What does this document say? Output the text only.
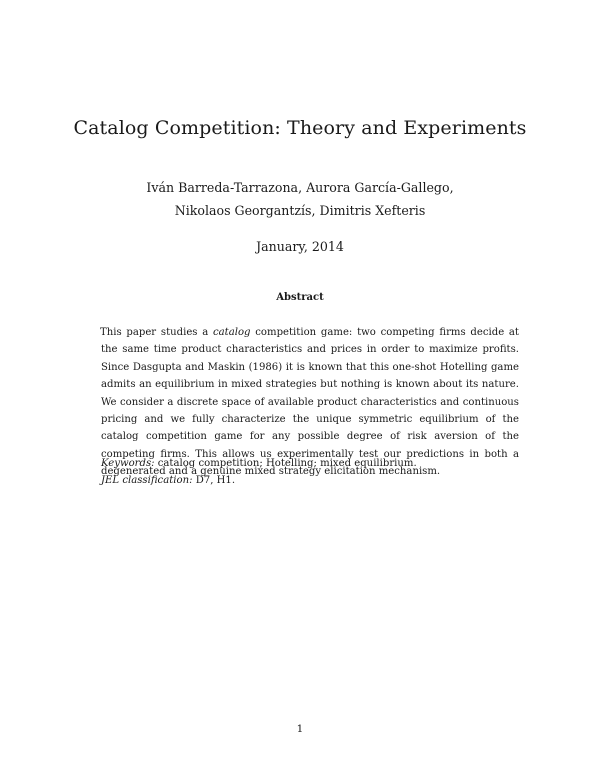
Catalog Competition: Theory and Experiments
Iván Barreda-Tarrazona, Aurora García-Gallego,
Nikolaos Georgantzís, Dimitris Xefteris
January, 2014
Abstract

This paper studies a catalog competition game: two competing firms decide at the same time product characteristics and prices in order to maximize profits. Since Dasgupta and Maskin (1986) it is known that this one-shot Hotelling game admits an equilibrium in mixed strategies but nothing is known about its nature. We consider a discrete space of available product characteristics and continuous pricing and we fully characterize the unique symmetric equilibrium of the catalog competition game for any possible degree of risk aversion of the competing firms. This allows us experimentally test our predictions in both a degenerated and a genuine mixed strategy elicitation mechanism.

Keywords: catalog competition; Hotelling; mixed equilibrium.
JEL classification: D7, H1.
1
